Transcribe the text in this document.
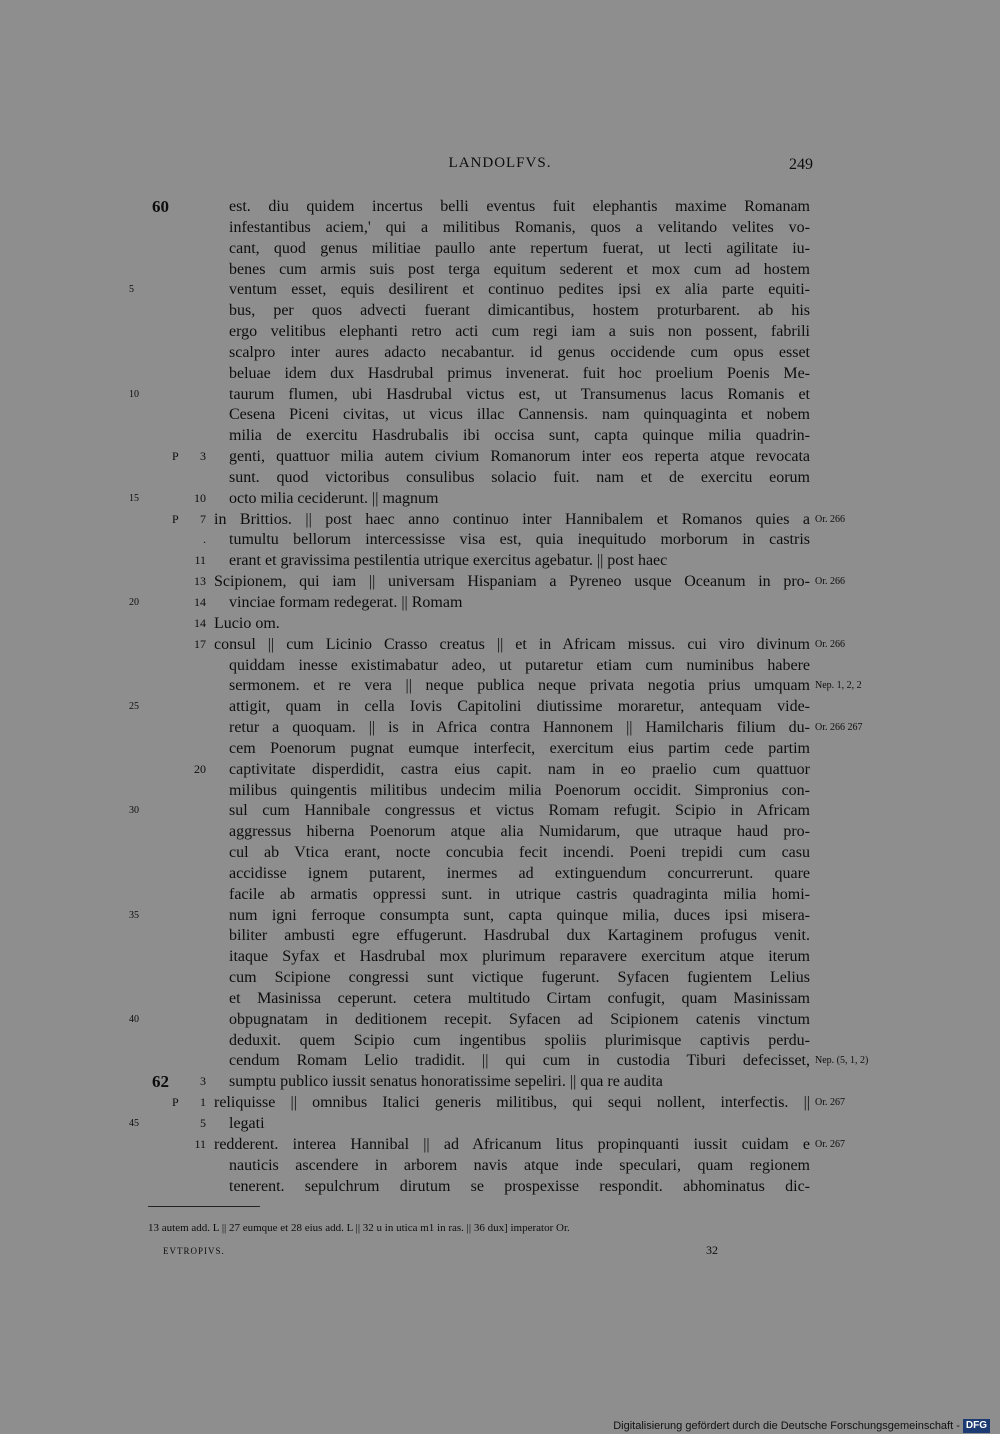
LANDOLFVS.	249
60	est. diu quidem incertus belli eventus fuit elephantis maxime Romanam
infestantibus aciem,' qui a militibus Romanis, quos a velitando velites vo-
cant, quod genus militiae paullo ante repertum fuerat, ut lecti agilitate iu-
benes cum armis suis post terga equitum sederent et mox cum ad hostem
5	ventum esset, equis desilirent et continuo pedites ipsi ex alia parte equiti-
bus, per quos advecti fuerant dimicantibus, hostem proturbarent. ab his
ergo velitibus elephanti retro acti cum regi iam a suis non possent, fabrili
scalpro inter aures adacto necabantur. id genus occidende cum opus esset
beluae idem dux Hasdrubal primus invenerat. fuit hoc proelium Poenis Me-
10	taurum flumen, ubi Hasdrubal victus est, ut Transumenus lacus Romanis et
Cesena Piceni civitas, ut vicus illac Cannensis. nam quinquaginta et nobem
milia de exercitu Hasdrubalis ibi occisa sunt, capta quinque milia quadrin-
P 3 genti, quattuor milia autem civium Romanorum inter eos reperta atque revocata
sunt. quod victoribus consulibus solacio fuit. nam et de exercitu eorum
15	10 octo milia ceciderunt. || magnum
P 7 in Brittios. || post haec anno continuo inter Hannibalem et Romanos quies a Or. 266
. tumultu bellorum intercessisse visa est, quia inequitudo morborum in castris
11 erant et gravissima pestilentia utrique exercitus agebatur. || post haec
13 Scipionem, qui iam || universam Hispaniam a Pyreneo usque Oceanum in pro- Or. 266
20	14 vinciae formam redegerat. || Romam
14 Lucio om.
17 consul || cum Licinio Crasso creatus || et in Africam missus. cui viro divinum Or. 266
quiddam inesse existimabatur adeo, ut putaretur etiam cum numinibus habere
sermonem. et re vera || neque publica neque privata negotia prius umquam Nep. 1, 2, 2
25	attigit, quam in cella Iovis Capitolini diutissime moraretur, antequam vide-
retur a quoquam. || is in Africa contra Hannonem || Hamilcharis filium du- Or. 266 267
cem Poenorum pugnat eumque interfecit, exercitum eius partim cede partim
20 captivitate disperdidit, castra eius capit. nam in eo praelio cum quattuor
milibus quingentis militibus undecim milia Poenorum occidit. Simpronius con-
30	sul cum Hannibale congressus et victus Romam refugit. Scipio in Africam
aggressus hiberna Poenorum atque alia Numidarum, que utraque haud pro-
cul ab Vtica erant, nocte concubia fecit incendi. Poeni trepidi cum casu
accidisse ignem putarent, inermes ad extinguendum concurrerunt. quare
facile ab armatis oppressi sunt. in utrique castris quadraginta milia homi-
35	num igni ferroque consumpta sunt, capta quinque milia, duces ipsi misera-
biliter ambusti egre effugerunt. Hasdrubal dux Kartaginem profugus venit.
itaque Syfax et Hasdrubal mox plurimum reparavere exercitum atque iterum
cum Scipione congressi sunt victique fugerunt. Syfacen fugientem Lelius
et Masinissa ceperunt. cetera multitudo Cirtam confugit, quam Masinissam
40	obpugnatam in deditionem recepit. Syfacen ad Scipionem catenis vinctum
deduxit. quem Scipio cum ingentibus spoliis plurimisque captivis perdu-
cendum Romam Lelio tradidit. || qui cum in custodia Tiburi defecisset, Nep. (5, 1, 2)
62	3 sumptu publico iussit senatus honoratissime sepeliri. || qua re audita
P 1 reliquisse || omnibus Italici generis militibus, qui sequi nollent, interfectis. || Or. 267
45	5 legati
11 redderent. interea Hannibal || ad Africanum litus propinquanti iussit cuidam e Or. 267
nauticis ascendere in arborem navis atque inde speculari, quam regionem
tenerent. sepulchrum dirutum se prospexisse respondit. abhominatus dic-
13 autem add. L || 27 eumque et 28 eius add. L || 32 u in utica m1 in ras. || 36 dux] imperator Or.
EVTROPIVS.	32
Digitalisierung gefördert durch die Deutsche Forschungsgemeinschaft - DFG
